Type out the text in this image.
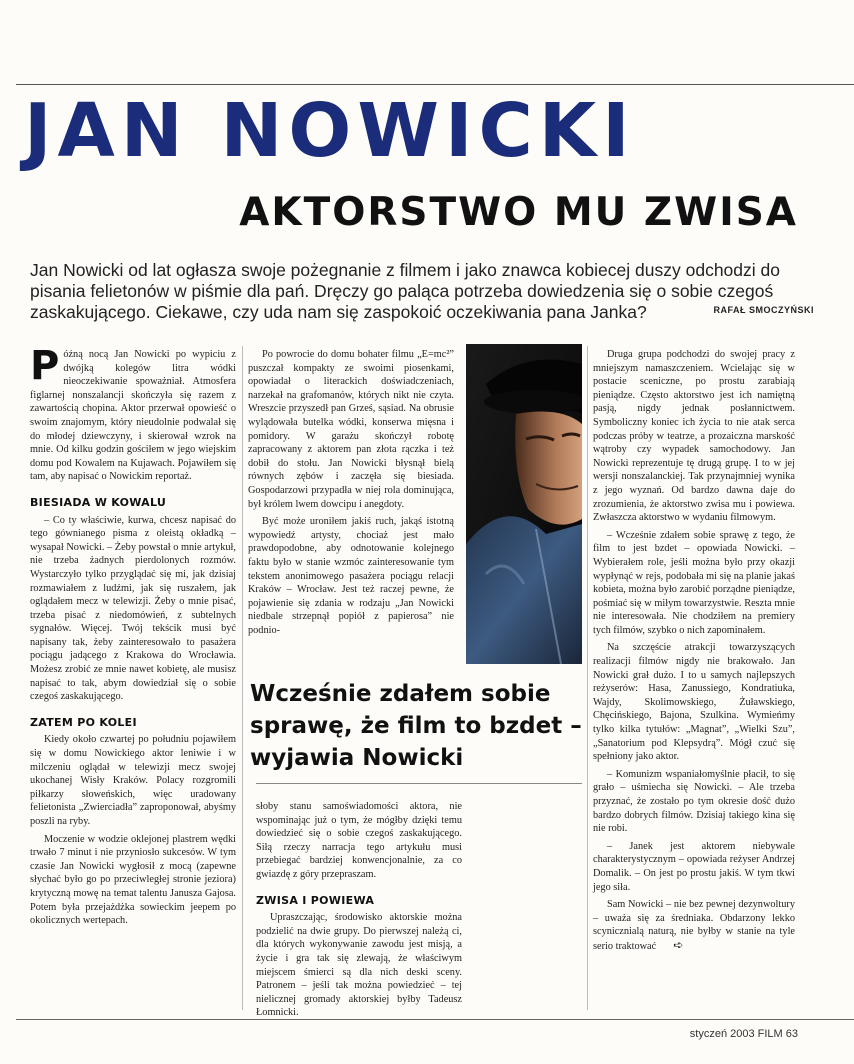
JAN NOWICKI
AKTORSTWO MU ZWISA

Jan Nowicki od lat ogłasza swoje pożegnanie z filmem i jako znawca kobiecej duszy odchodzi do pisania felietonów w piśmie dla pań. Dręczy go paląca potrzeba dowiedzenia się o sobie czegoś zaskakującego. Ciekawe, czy uda nam się zaspokoić oczekiwania pana Janka?	RAFAŁ SMOCZYŃSKI

Późną nocą Jan Nowicki po wypiciu z dwójką kolegów litra wódki nieoczekiwanie spoważniał. Atmosfera figlarnej nonszalancji skończyła się razem z zawartością chopina. Aktor przerwał opowieść o swoim znajomym, który nieudolnie podwalał się do młodej dziewczyny, i skierował wzrok na mnie. Od kilku godzin gościłem w jego wiejskim domu pod Kowalem na Kujawach. Pojawiłem się tam, aby napisać o Nowickim reportaż.

BIESIADA W KOWALU

– Co ty właściwie, kurwa, chcesz napisać do tego gównianego pisma z oleistą okładką – wysapał Nowicki. – Żeby powstał o mnie artykuł, nie trzeba żadnych pierdolonych rozmów. Wystarczyło tylko przyglądać się mi, jak dzisiaj rozmawiałem z ludźmi, jak się ruszałem, jak oglądałem mecz w telewizji. Żeby o mnie pisać, trzeba pisać z niedomówień, z subtelnych sygnałów. Więcej. Twój tekścik musi być napisany tak, żeby zainteresowało to pasażera pociągu jadącego z Krakowa do Wrocławia. Możesz zrobić ze mnie nawet kobietę, ale musisz napisać to tak, abym dowiedział się o sobie czegoś zaskakującego.

ZATEM PO KOLEI

Kiedy około czwartej po południu pojawiłem się w domu Nowickiego aktor leniwie i w milczeniu oglądał w telewizji mecz swojej ukochanej Wisły Kraków. Polacy rozgromili piłkarzy słoweńskich, więc uradowany felietonista „Zwierciadła” zaproponował, abyśmy poszli na ryby.

Moczenie w wodzie oklejonej plastrem wędki trwało 7 minut i nie przyniosło sukcesów. W tym czasie Jan Nowicki wygłosił z mocą (zapewne słychać było go po przeciwległej stronie jeziora) krytyczną mowę na temat talentu Janusza Gajosa. Potem była przejażdżka sowieckim jeepem po okolicznych wertepach.

Po powrocie do domu bohater filmu „E=mc²” puszczał kompakty ze swoimi piosenkami, opowiadał o literackich doświadczeniach, narzekał na grafomanów, których nikt nie czyta. Wreszcie przyszedł pan Grześ, sąsiad. Na obrusie wylądowała butelka wódki, konserwa mięsna i pomidory. W garażu skończył robotę zapracowany z aktorem pan złota rączka i też dobił do stołu. Jan Nowicki błysnął bielą równych zębów i zaczęła się biesiada. Gospodarzowi przypadła w niej rola dominująca, był królem lwem dowcipu i anegdoty.

Być może uroniłem jakiś ruch, jakąś istotną wypowiedź artysty, chociaż jest mało prawdopodobne, aby odnotowanie kolejnego faktu było w stanie wzmóc zainteresowanie tym tekstem anonimowego pasażera pociągu relacji Kraków – Wrocław. Jest też raczej pewne, że pojawienie się zdania w rodzaju „Jan Nowicki niedbale strzepnął popiół z papierosa” nie podnio-

Wcześnie zdałem sobie sprawę, że film to bzdet – wyjawia Nowicki

słoby stanu samoświadomości aktora, nie wspominając już o tym, że mógłby dzięki temu dowiedzieć się o sobie czegoś zaskakującego. Siłą rzeczy narracja tego artykułu musi przebiegać bardziej konwencjonalnie, za co gwiazdę z góry przepraszam.

ZWISA I POWIEWA

Upraszczając, środowisko aktorskie można podzielić na dwie grupy. Do pierwszej należą ci, dla których wykonywanie zawodu jest misją, a życie i gra tak się zlewają, że właściwym miejscem śmierci są dla nich deski sceny. Patronem – jeśli tak można powiedzieć – tej nielicznej gromady aktorskiej byłby Tadeusz Łomnicki.

Druga grupa podchodzi do swojej pracy z mniejszym namaszczeniem. Wcielając się w postacie sceniczne, po prostu zarabiają pieniądze. Często aktorstwo jest ich namiętną pasją, nigdy jednak posłannictwem. Symboliczny koniec ich życia to nie atak serca podczas próby w teatrze, a prozaiczna marskość wątroby czy wypadek samochodowy. Jan Nowicki reprezentuje tę drugą grupę. I to w jej wersji nonszalanckiej. Tak przynajmniej wynika z jego wyznań. Od bardzo dawna daje do zrozumienia, że aktorstwo zwisa mu i powiewa. Zwłaszcza aktorstwo w wydaniu filmowym.

– Wcześnie zdałem sobie sprawę z tego, że film to jest bzdet – opowiada Nowicki. – Wybierałem role, jeśli można było przy okazji wypłynąć w rejs, podobała mi się na planie jakaś kobieta, można było zarobić porządne pieniądze, pośmiać się w miłym towarzystwie. Reszta mnie nie interesowała. Nie chodziłem na premiery tych filmów, szybko o nich zapominałem.

Na szczęście atrakcji towarzyszących realizacji filmów nigdy nie brakowało. Jan Nowicki grał dużo. I to u samych najlepszych reżyserów: Hasa, Zanussiego, Kondratiuka, Wajdy, Skolimowskiego, Żuławskiego, Chęcińskiego, Bajona, Szulkina. Wymieńmy tylko kilka tytułów: „Magnat”, „Wielki Szu”, „Sanatorium pod Klepsydrą”. Mógł czuć się spełniony jako aktor.

– Komunizm wspaniałomyślnie płacił, to się grało – uśmiecha się Nowicki. – Ale trzeba przyznać, że zostało po tym okresie dość dużo bardzo dobrych filmów. Dzisiaj takiego kina się nie robi.

– Janek jest aktorem niebywale charakterystycznym – opowiada reżyser Andrzej Domalik. – On jest po prostu jakiś. W tym tkwi jego siła.

Sam Nowicki – nie bez pewnej dezynwoltury – uważa się za średniaka. Obdarzony lekko scynicznialą naturą, nie byłby w stanie na tyle serio traktować ➪

styczeń 2003 FILM 63
